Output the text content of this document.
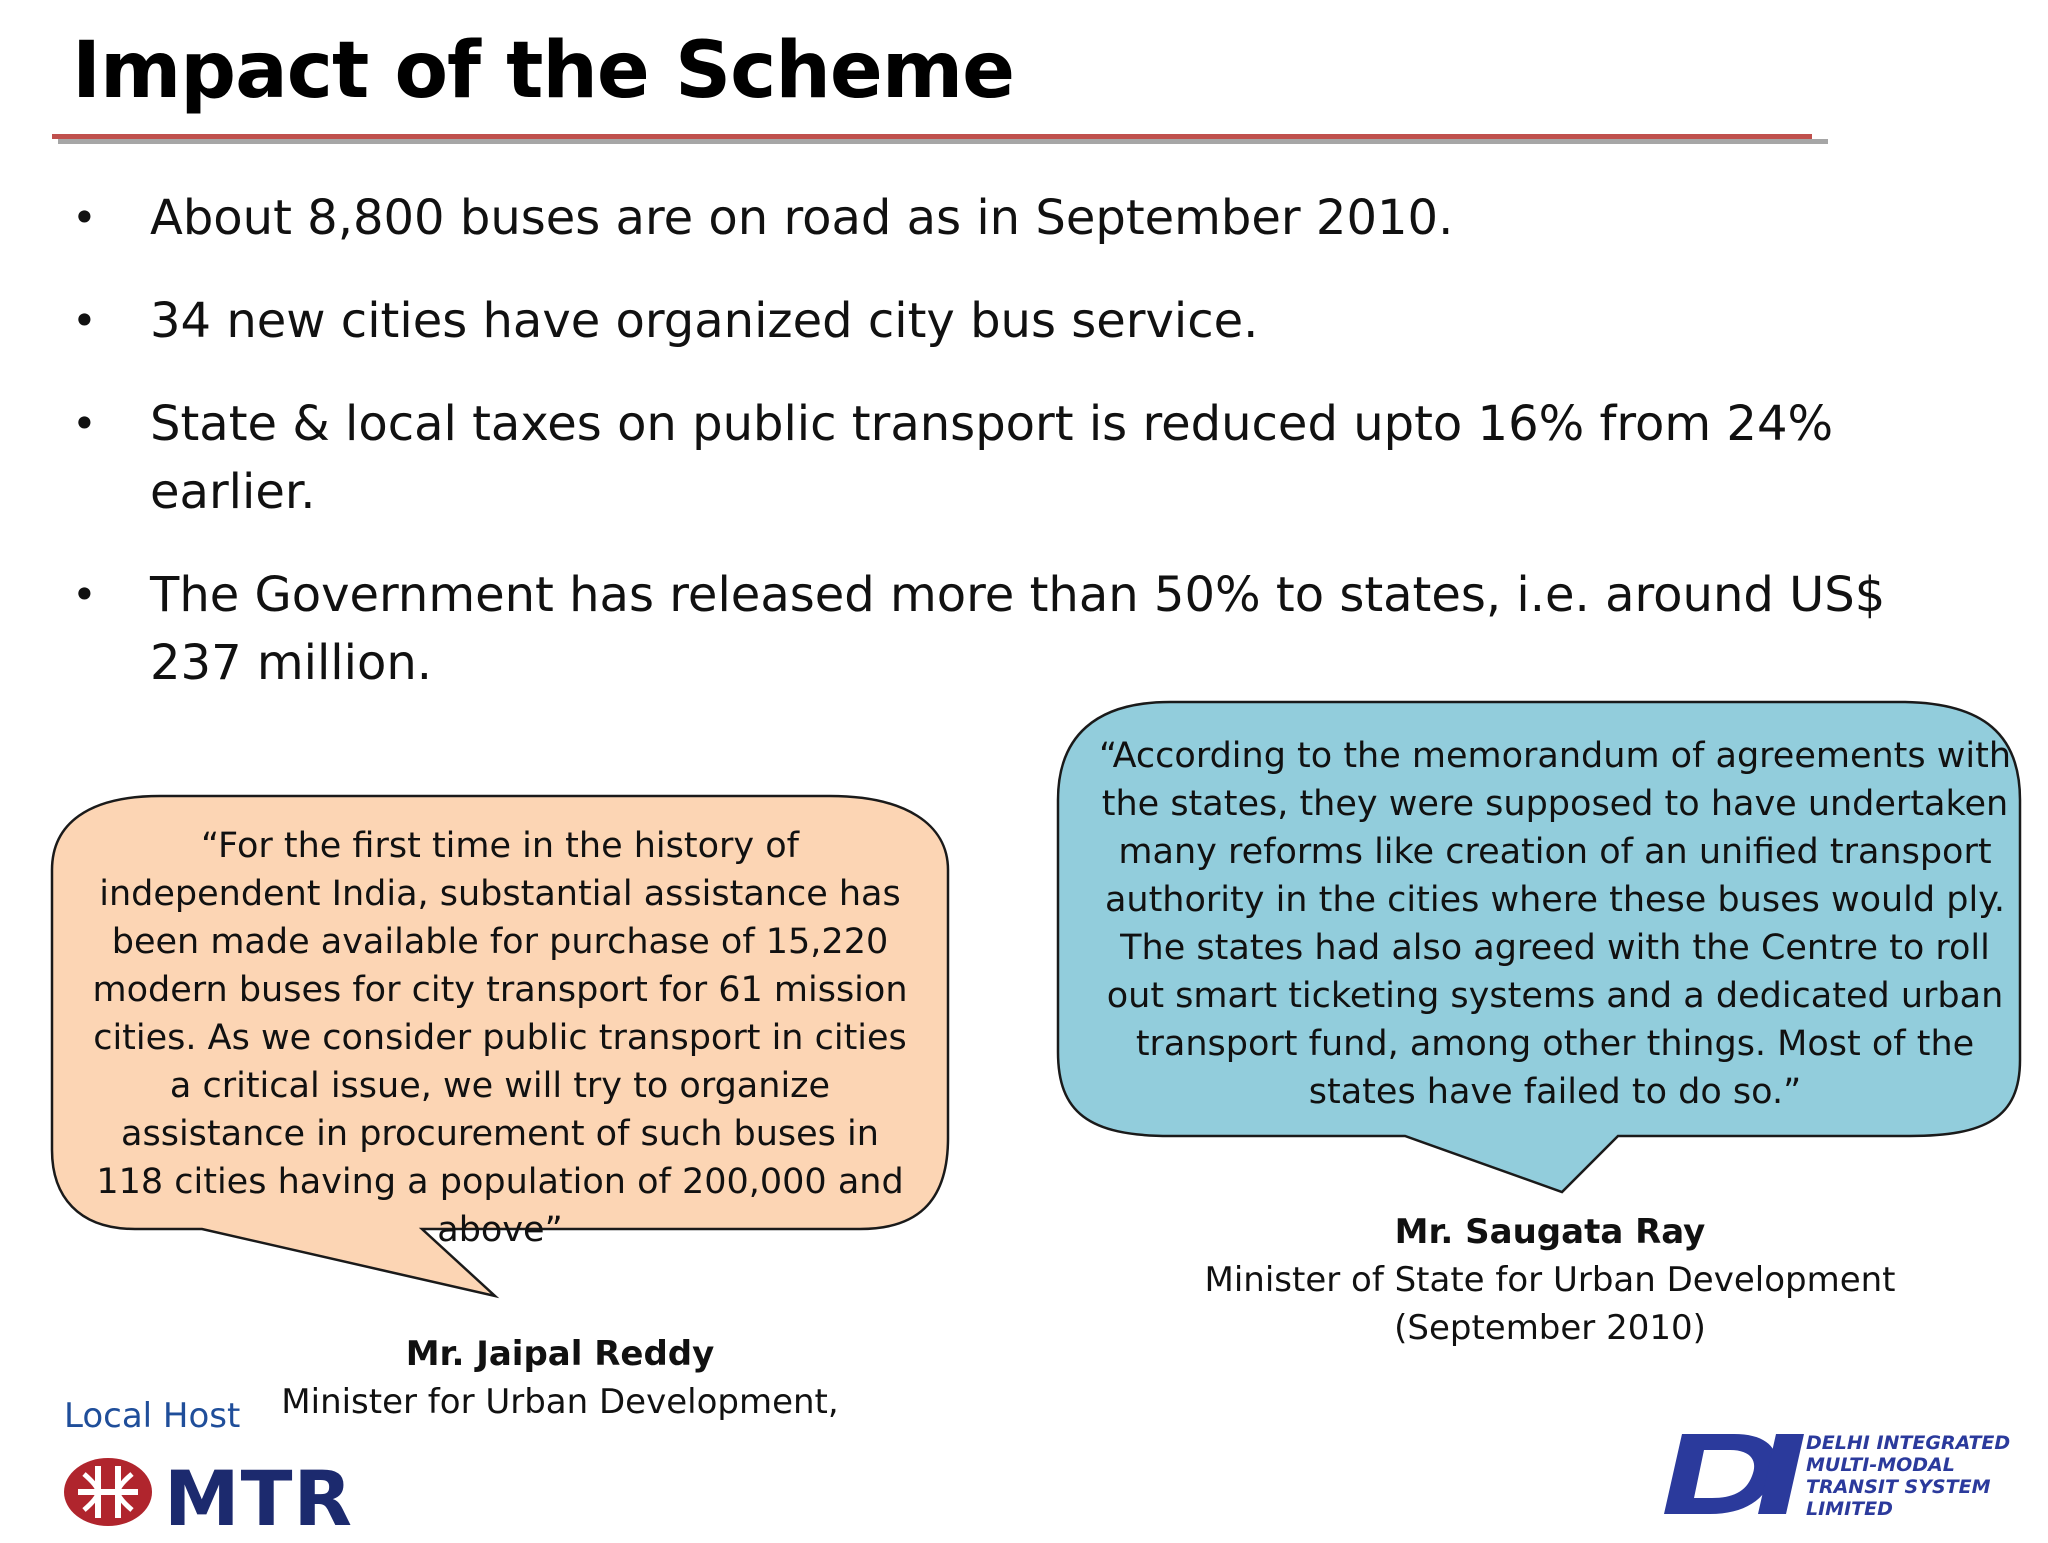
Impact of the Scheme
• About 8,800 buses are on road as in September 2010.
• 34 new cities have organized city bus service.
• State & local taxes on public transport is reduced upto 16% from 24% earlier.
• The Government has released more than 50% to states, i.e. around US$ 237 million.
“For the first time in the history of independent India, substantial assistance has been made available for purchase of 15,220 modern buses for city transport for 61 mission cities. As we consider public transport in cities a critical issue, we will try to organize assistance in procurement of such buses in 118 cities having a population of 200,000 and above”
“According to the memorandum of agreements with the states, they were supposed to have undertaken many reforms like creation of an unified transport authority in the cities where these buses would ply. The states had also agreed with the Centre to roll out smart ticketing systems and a dedicated urban transport fund, among other things. Most of the states have failed to do so.”
Mr. Jaipal Reddy
Minister for Urban Development,
Mr. Saugata Ray
Minister of State for Urban Development
(September 2010)
Local Host
MTR
DELHI INTEGRATED
MULTI-MODAL
TRANSIT SYSTEM
LIMITED
